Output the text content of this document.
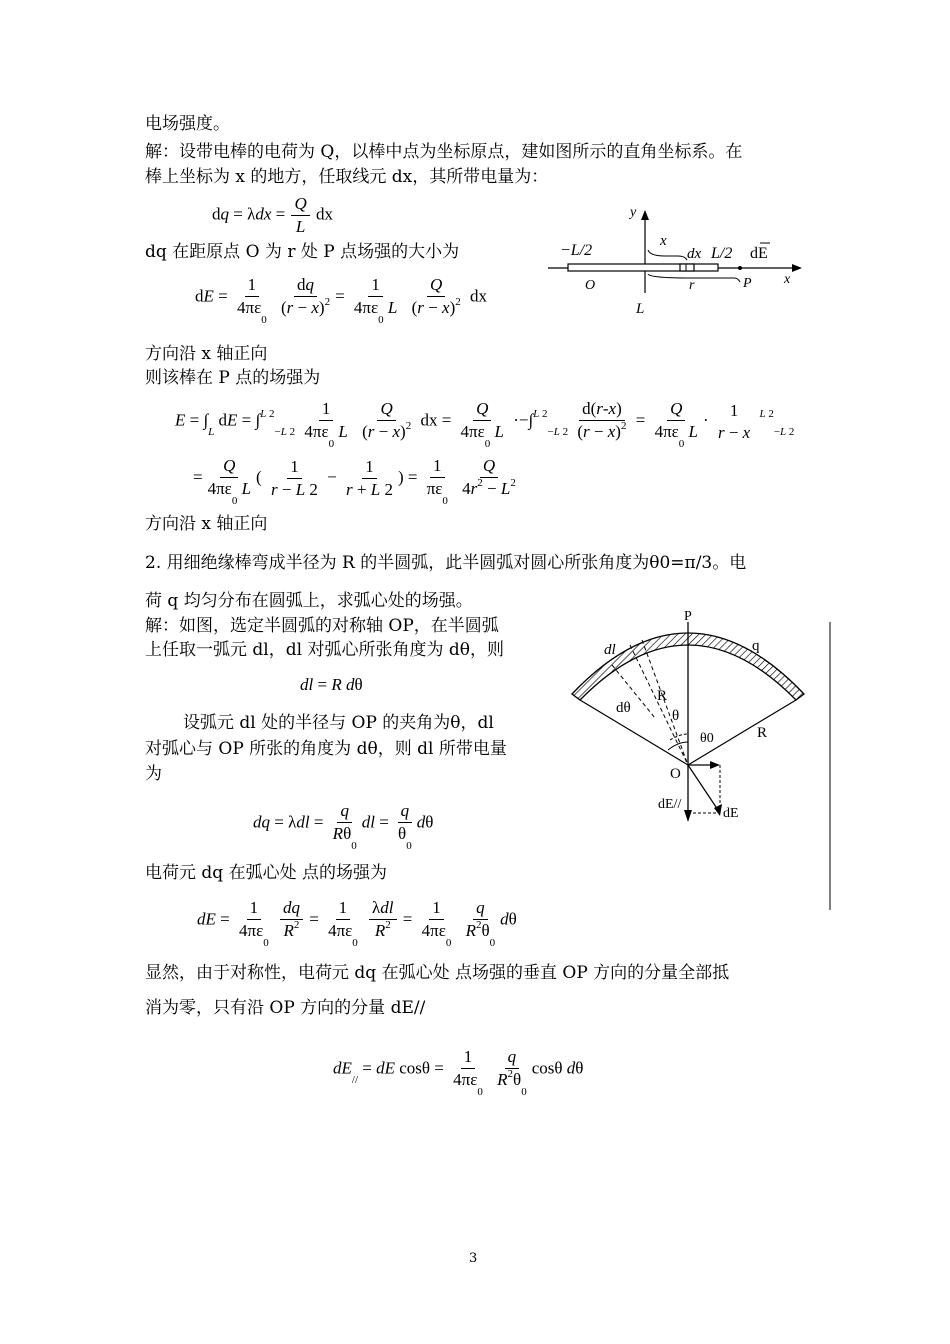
电场强度。
解：设带电棒的电荷为 Q，以棒中点为坐标原点，建如图所示的直角坐标系。在
棒上坐标为 x 的地方，任取线元 dx，其所带电量为：
dq = $\lambda dx = \frac{Q}{L}$ dx
dq 在距原点 O 为 r 处 P 点场强的大小为
dE = $\frac{1}{4\pi\varepsilon_0}$
$\frac{dq}{(r - x)^2} = \frac{1}{4\pi\varepsilon_0 L}$
$\frac{Q}{(r - x)^2}$ dx
方向沿 x 轴正向
则该棒在 P 点的场强为
$E = \int_L$ dE = $\int^{L 2}_{-L 2} \frac{1}{4\pi\varepsilon_0 L}$
$\frac{Q}{(r - x)^2}$ dx = $\frac{Q}{4\pi\varepsilon_0 L} \cdot-\int^{L 2}_{-L 2} \frac{d(r-x)}{(r - x)^2} = \frac{Q}{4\pi\varepsilon_0 L}$ ·
1
r − x
$^{L 2}_{-L 2}$
= $\frac{Q}{4\pi\varepsilon_0 L}$ ( $\frac{1}{r - L 2} - \frac{1}{r + L 2}$ ) = $\frac{1}{\pi\varepsilon_0}$
$\frac{Q}{4r^2 - L^2}$
方向沿 x 轴正向
y
−L/2
x
dx L/2 dE
O	r	P x
L
2. 用细绝缘棒弯成半径为 R 的半圆弧，此半圆弧对圆心所张角度为θ0=π/3。电
荷 q 均匀分布在圆弧上，求弧心处的场强。
解：如图，选定半圆弧的对称轴 OP，在半圆弧
上任取一弧元 dl，dl 对弧心所张角度为 dθ，则
dl = R dθ
设弧元 dl 处的半径与 OP 的夹角为θ，dl
对弧心与 OP 所张的角度为 dθ，则 dl 所带电量
为
dq = $\lambda dl = \frac{q}{R\theta_0}$ dl = $\frac{q}{\theta_0}$ dθ
电荷元 dq 在弧心处 点的场强为
dE = $\frac{1}{4\pi\varepsilon_0}$
$\frac{dq}{R^2} = \frac{1}{4\pi\varepsilon_0}$
$\frac{\text{λdl}}{R^2} = \frac{1}{4\pi\varepsilon_0}$
$\frac{q}{R^2\theta_0}$ dθ
显然，由于对称性，电荷元 dq 在弧心处 点场强的垂直 OP 方向的分量全部抵
消为零，只有沿 OP 方向的分量 dE//
$dE_{//}$ = dE $\cos\theta = \frac{1}{4\pi\varepsilon_0}$
$\frac{q}{R^2\theta_0}$ cosθ dθ
P
q
dl
R
dθ	θ
θ0	R
O
dE//
dE
3
